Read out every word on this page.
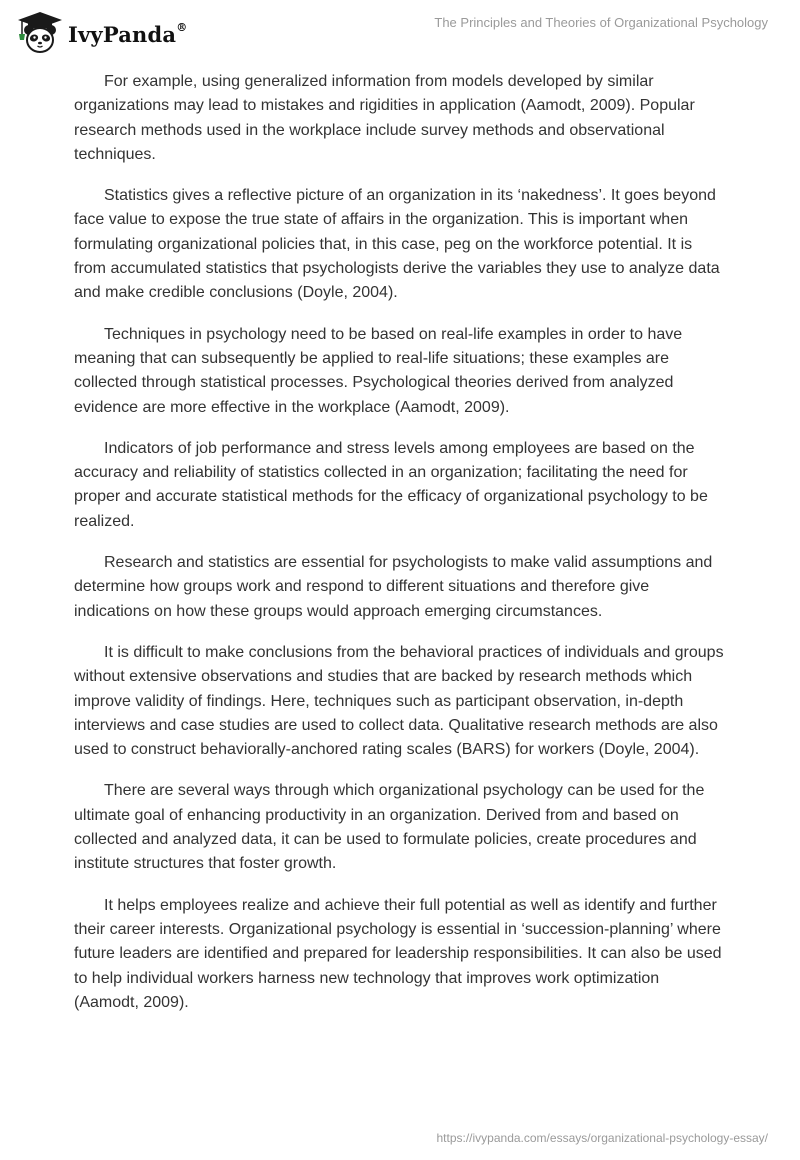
IvyPanda®	The Principles and Theories of Organizational Psychology

For example, using generalized information from models developed by similar organizations may lead to mistakes and rigidities in application (Aamodt, 2009). Popular research methods used in the workplace include survey methods and observational techniques.

Statistics gives a reflective picture of an organization in its ‘nakedness’. It goes beyond face value to expose the true state of affairs in the organization. This is important when formulating organizational policies that, in this case, peg on the workforce potential. It is from accumulated statistics that psychologists derive the variables they use to analyze data and make credible conclusions (Doyle, 2004).

Techniques in psychology need to be based on real-life examples in order to have meaning that can subsequently be applied to real-life situations; these examples are collected through statistical processes. Psychological theories derived from analyzed evidence are more effective in the workplace (Aamodt, 2009).

Indicators of job performance and stress levels among employees are based on the accuracy and reliability of statistics collected in an organization; facilitating the need for proper and accurate statistical methods for the efficacy of organizational psychology to be realized.

Research and statistics are essential for psychologists to make valid assumptions and determine how groups work and respond to different situations and therefore give indications on how these groups would approach emerging circumstances.

It is difficult to make conclusions from the behavioral practices of individuals and groups without extensive observations and studies that are backed by research methods which improve validity of findings. Here, techniques such as participant observation, in-depth interviews and case studies are used to collect data. Qualitative research methods are also used to construct behaviorally-anchored rating scales (BARS) for workers (Doyle, 2004).

There are several ways through which organizational psychology can be used for the ultimate goal of enhancing productivity in an organization. Derived from and based on collected and analyzed data, it can be used to formulate policies, create procedures and institute structures that foster growth.

It helps employees realize and achieve their full potential as well as identify and further their career interests. Organizational psychology is essential in ‘succession-planning’ where future leaders are identified and prepared for leadership responsibilities. It can also be used to help individual workers harness new technology that improves work optimization (Aamodt, 2009).

https://ivypanda.com/essays/organizational-psychology-essay/
